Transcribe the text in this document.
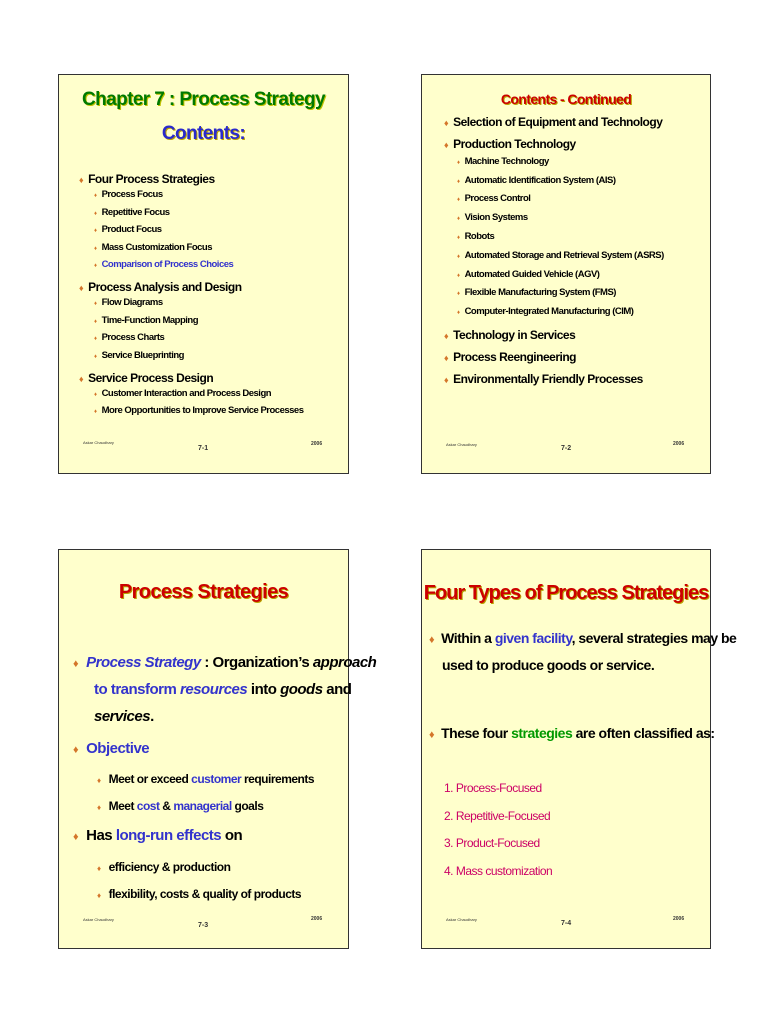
Chapter 7 : Process Strategy
Contents:
♦ Four Process Strategies
♦ Process Focus
♦ Repetitive Focus
♦ Product Focus
♦ Mass Customization Focus
♦ Comparison of Process Choices
♦ Process Analysis and Design
♦ Flow Diagrams
♦ Time-Function Mapping
♦ Process Charts
♦ Service Blueprinting
♦ Service Process Design
♦ Customer Interaction and Process Design
♦ More Opportunities to Improve Service Processes
Askar Chaudhary
7-1
2006
Contents - Continued
♦ Selection of Equipment and Technology
♦ Production Technology
♦ Machine Technology
♦ Automatic Identification System (AIS)
♦ Process Control
♦ Vision Systems
♦ Robots
♦ Automated Storage and Retrieval System (ASRS)
♦ Automated Guided Vehicle (AGV)
♦ Flexible Manufacturing System (FMS)
♦ Computer-Integrated Manufacturing (CIM)
♦ Technology in Services
♦ Process Reengineering
♦ Environmentally Friendly Processes
Askar Chaudhary
7-2
2006
Process Strategies
♦ Process Strategy : Organization’s approach
to transform resources into goods and
services.
♦ Objective
♦ Meet or exceed customer requirements
♦ Meet cost & managerial goals
♦ Has long-run effects on
♦ efficiency & production
♦ flexibility, costs & quality of products
Askar Chaudhary
7-3
2006
Four Types of Process Strategies
♦ Within a given facility, several strategies may be
used to produce goods or service.
♦ These four strategies are often classified as:
1. Process-Focused
2. Repetitive-Focused
3. Product-Focused
4. Mass customization
Askar Chaudhary
7-4
2006
